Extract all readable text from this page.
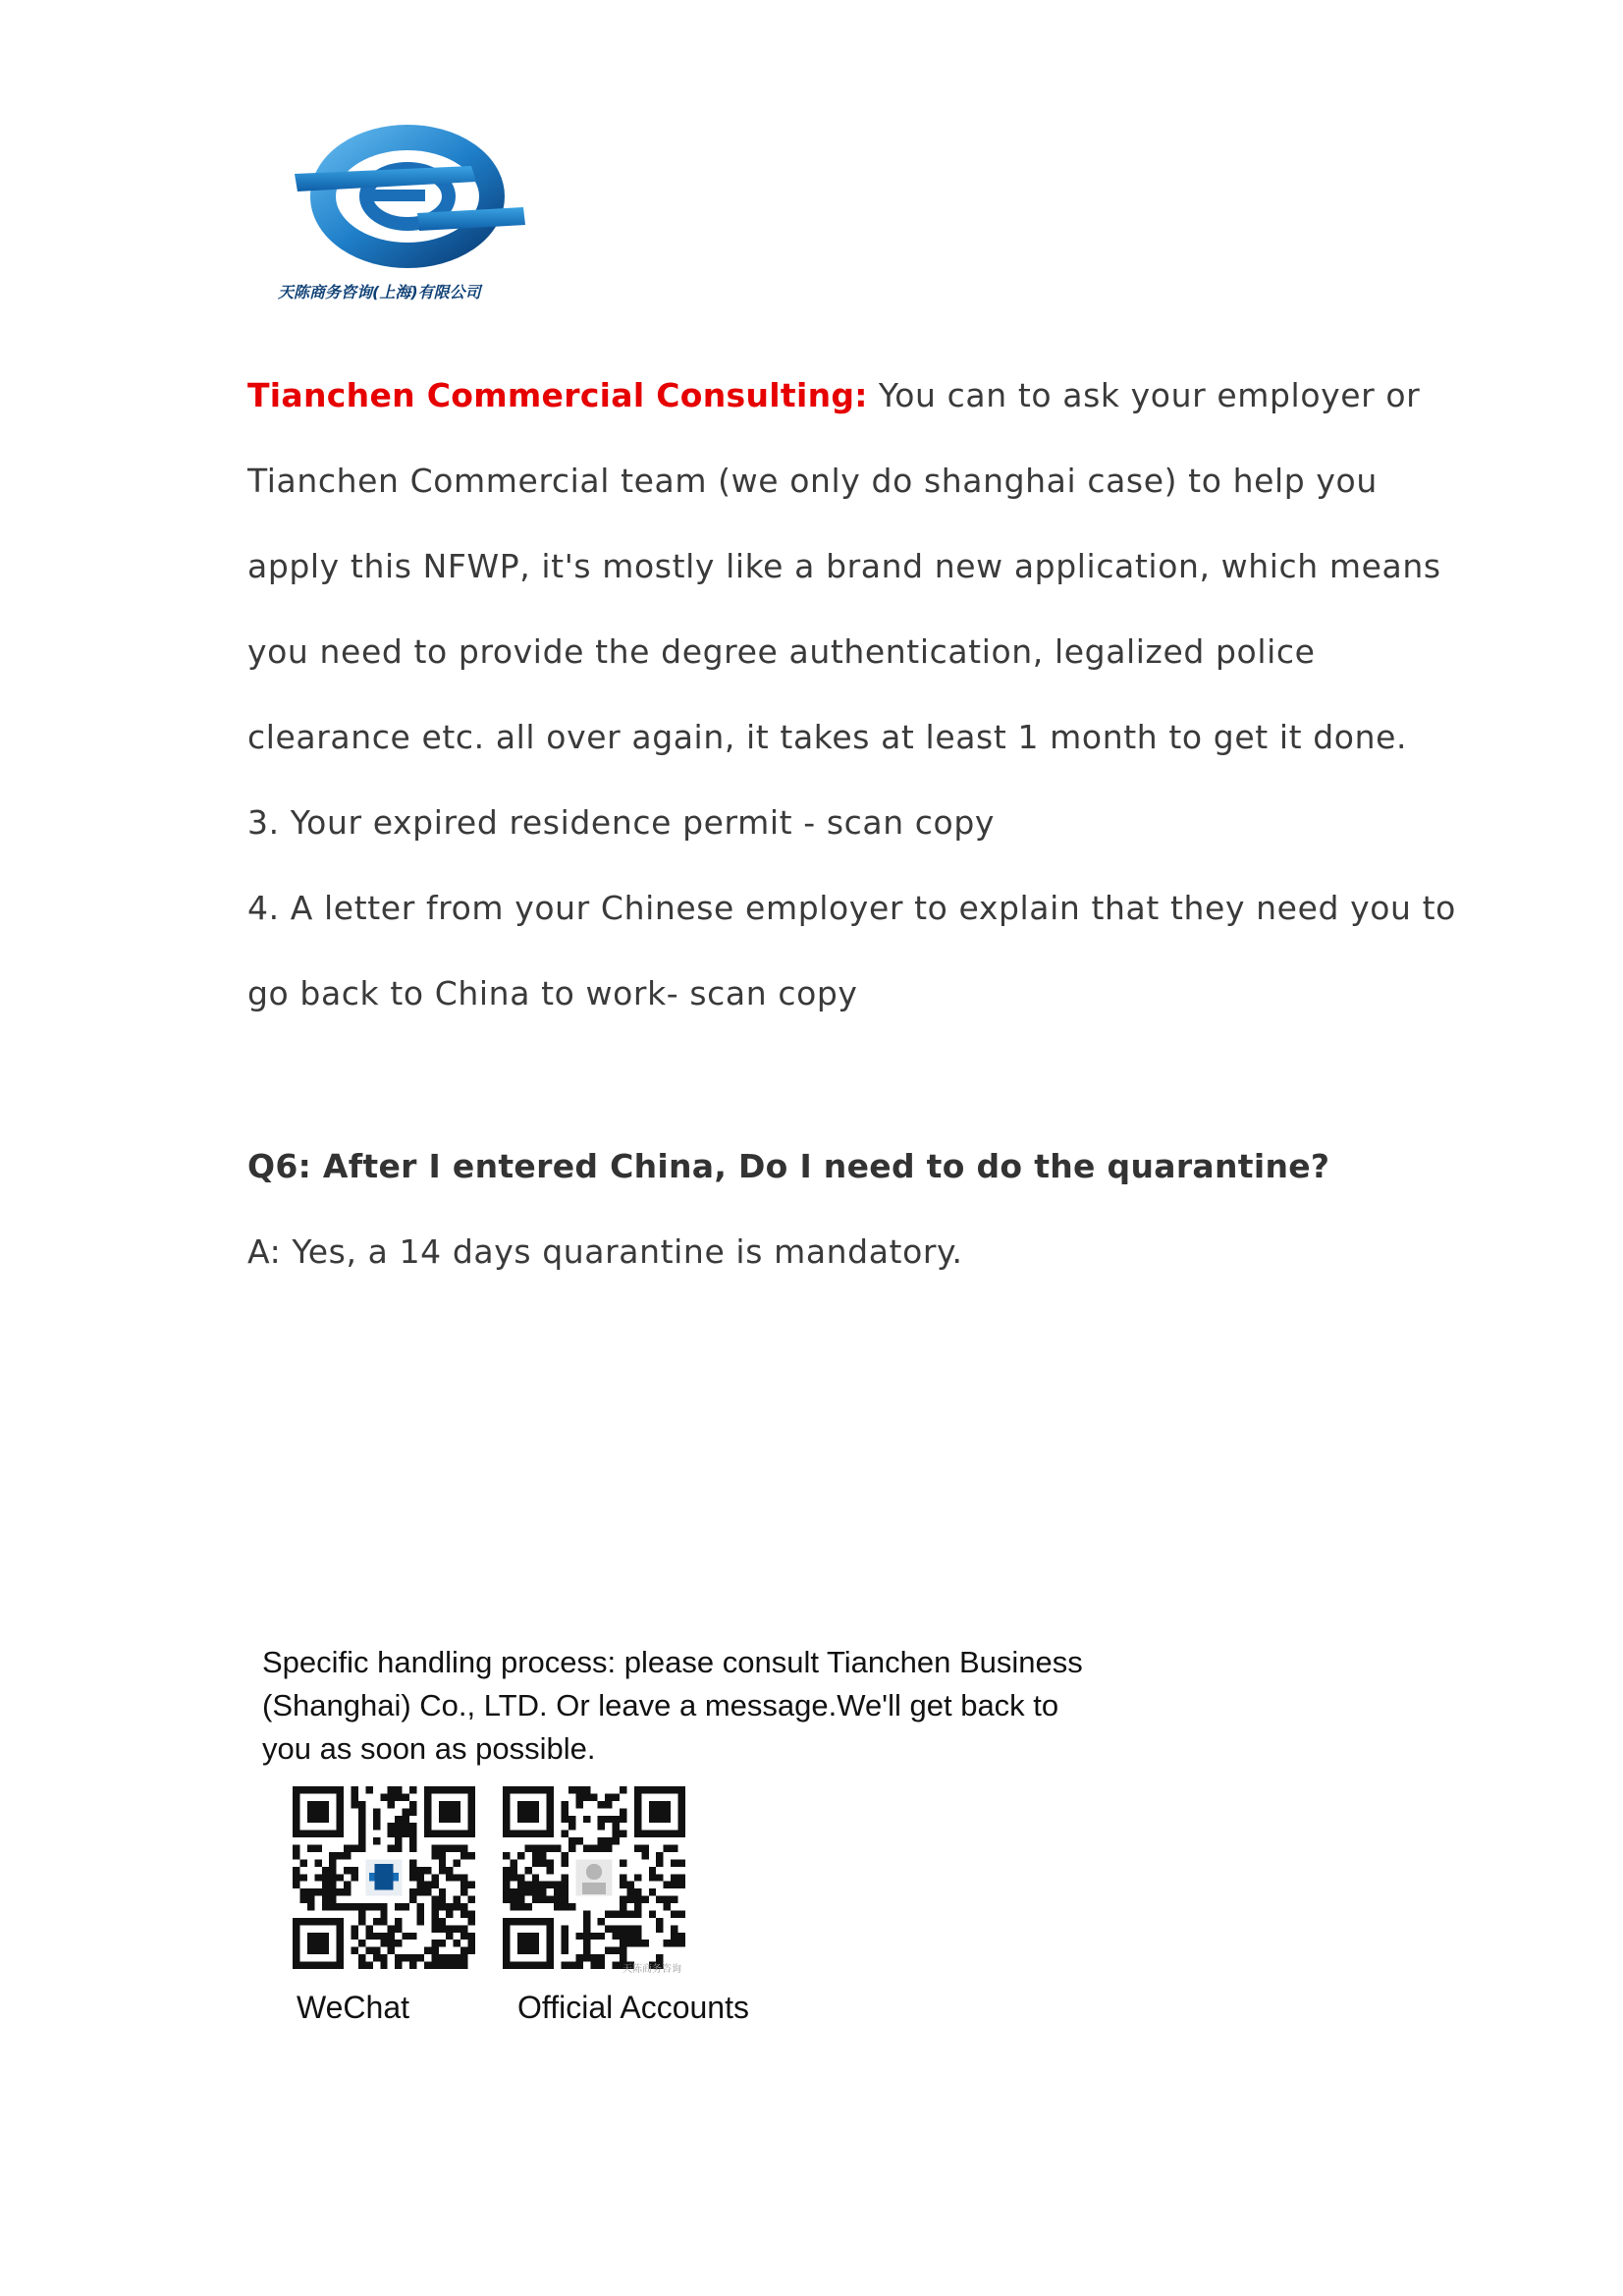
天陈商务咨询(上海)有限公司
Tianchen Commercial Consulting: You can to ask your employer or
Tianchen Commercial team (we only do shanghai case) to help you
apply this NFWP, it's mostly like a brand new application, which means
you need to provide the degree authentication, legalized police
clearance etc. all over again, it takes at least 1 month to get it done.
3. Your expired residence permit - scan copy
4. A letter from your Chinese employer to explain that they need you to
go back to China to work- scan copy
Q6: After I entered China, Do I need to do the quarantine?
A: Yes, a 14 days quarantine is mandatory.
Specific handling process: please consult Tianchen Business
(Shanghai) Co., LTD. Or leave a message.We'll get back to
you as soon as possible.
天陈商务咨询
WeChat	Official Accounts
